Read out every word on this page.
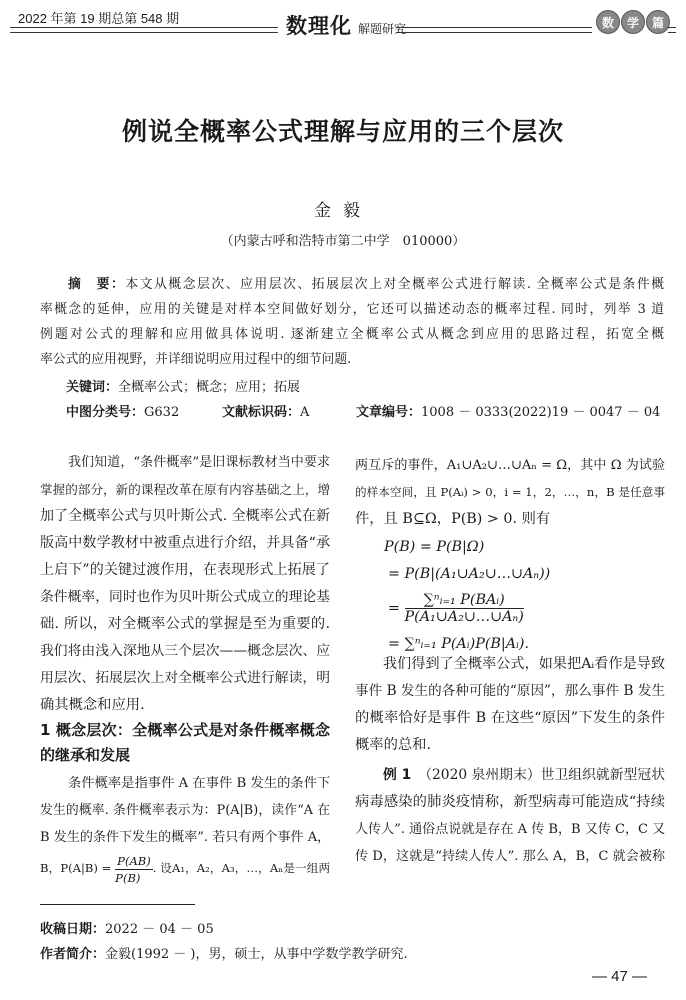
2022 年第 19 期总第 548 期	数理化 解题研究	数	学	篇
例说全概率公式理解与应用的三个层次
金毅
（内蒙古呼和浩特市第二中学　010000）
摘　要：本文从概念层次、应用层次、拓展层次上对全概率公式进行解读. 全概率公式是条件概
率概念的延伸，应用的关键是对样本空间做好划分，它还可以描述动态的概率过程. 同时，列举 3 道
例题对公式的理解和应用做具体说明. 逐渐建立全概率公式从概念到应用的思路过程，拓宽全概
率公式的应用视野，并详细说明应用过程中的细节问题.
关键词：全概率公式；概念；应用；拓展
中图分类号：G632	文献标识码：A	文章编号：1008 － 0333(2022)19 － 0047 － 04
我们知道，“条件概率”是旧课标教材当中要求
掌握的部分，新的课程改革在原有内容基础之上，增
加了全概率公式与贝叶斯公式. 全概率公式在新
版高中数学教材中被重点进行介绍，并具备“承
上启下”的关键过渡作用，在表现形式上拓展了
条件概率，同时也作为贝叶斯公式成立的理论基
础. 所以，对全概率公式的掌握是至为重要的.
我们将由浅入深地从三个层次——概念层次、应
用层次、拓展层次上对全概率公式进行解读，明
确其概念和应用.
1 概念层次：全概率公式是对条件概率概念
的继承和发展
条件概率是指事件 A 在事件 B 发生的条件下
发生的概率. 条件概率表示为：P(A|B)，读作“A 在
B 发生的条件下发生的概率”. 若只有两个事件 A，
B，$P(A|B) = \frac{P(AB)}{P(B)}$ . 设A₁，A₂，A₃，…，Aₙ是一组两
两互斥的事件，A₁∪A₂∪…∪Aₙ = Ω，其中 Ω 为试验
的样本空间，且 P(Aᵢ) > 0，i = 1，2，…，n，B 是任意事
件，且 B⊆Ω，P(B) > 0. 则有
P(B) = P(B|Ω)
= P(B|(A₁∪A₂∪…∪Aₙ))
= $\frac{\text{∑ⁿᵢ₌₁ P(BAᵢ)}}{\text{P(A₁∪A₂∪…∪Aₙ)}}$
= ∑ⁿᵢ₌₁ P(Aᵢ)P(B|Aᵢ).
我们得到了全概率公式，如果把Aᵢ看作是导致
事件 B 发生的各种可能的“原因”，那么事件 B 发生
的概率恰好是事件 B 在这些“原因”下发生的条件
概率的总和.
例 1　 （2020 泉州期末）世卫组织就新型冠状
病毒感染的肺炎疫情称，新型病毒可能造成“持续
人传人”. 通俗点说就是存在 A 传 B，B 又传 C，C 又
传 D，这就是“持续人传人”. 那么 A，B，C 就会被称
收稿日期：2022 － 04 － 05
作者简介：金毅(1992 － )，男，硕士，从事中学数学教学研究.
— 47 —
